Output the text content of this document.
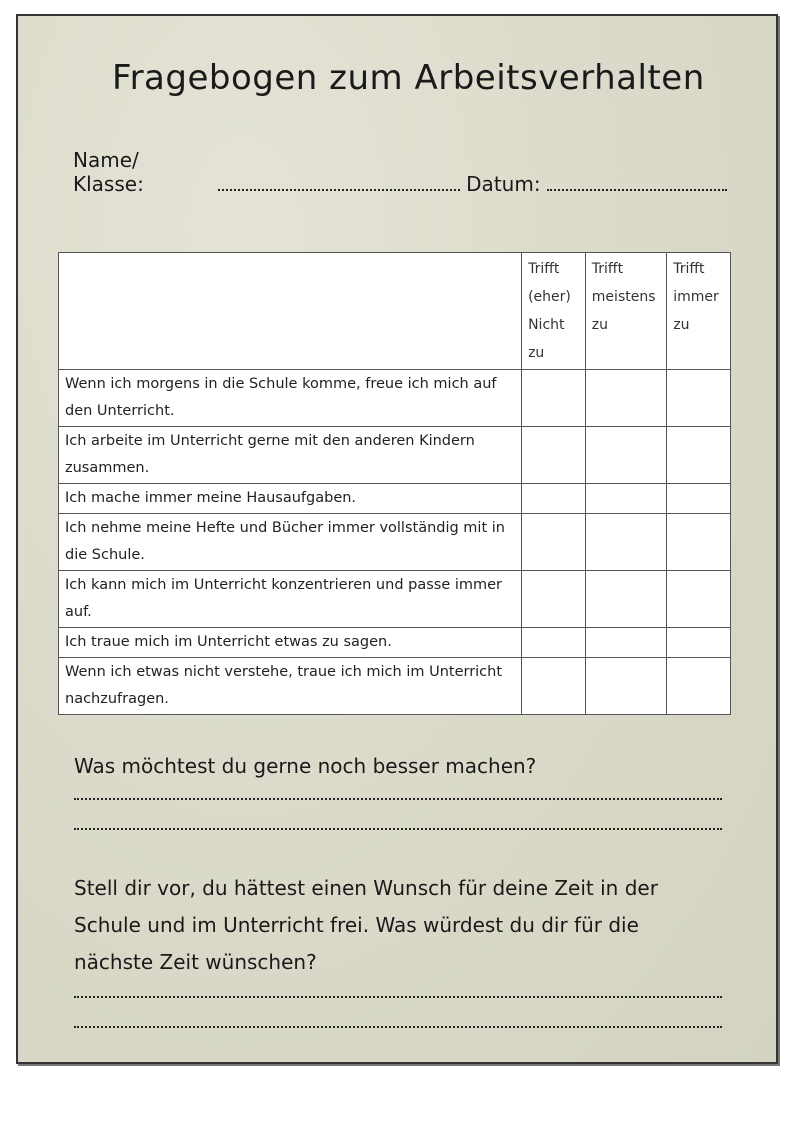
Fragebogen zum Arbeitsverhalten
Name/ Klasse:	Datum:
	Trifft (eher) Nicht zu	Trifft meistens zu	Trifft immer zu
Wenn ich morgens in die Schule komme, freue ich mich auf den Unterricht.			
Ich arbeite im Unterricht gerne mit den anderen Kindern zusammen.			
Ich mache immer meine Hausaufgaben.			
Ich nehme meine Hefte und Bücher immer vollständig mit in die Schule.			
Ich kann mich im Unterricht konzentrieren und passe immer auf.			
Ich traue mich im Unterricht etwas zu sagen.			
Wenn ich etwas nicht verstehe, traue ich mich im Unterricht nachzufragen.			
Was möchtest du gerne noch besser machen?
Stell dir vor, du hättest einen Wunsch für deine Zeit in der Schule und im Unterricht frei. Was würdest du dir für die nächste Zeit wünschen?
